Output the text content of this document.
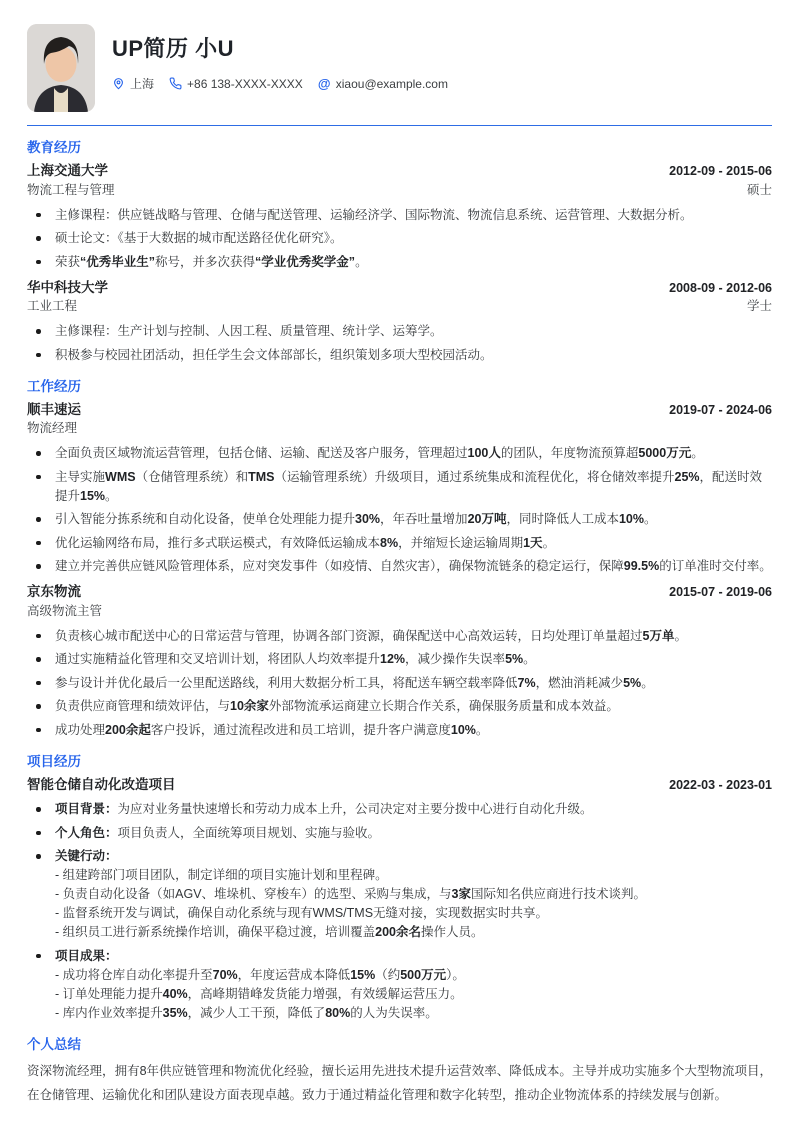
UP简历 小U
上海	+86 138-XXXX-XXXX @ xiaou@example.com
教育经历
上海交通大学	2012-09 - 2015-06
物流工程与管理	硕士
主修课程：供应链战略与管理、仓储与配送管理、运输经济学、国际物流、物流信息系统、运营管理、大数据分析。
硕士论文：《基于大数据的城市配送路径优化研究》。
荣获“优秀毕业生”称号，并多次获得“学业优秀奖学金”。
华中科技大学	2008-09 - 2012-06
工业工程	学士
主修课程：生产计划与控制、人因工程、质量管理、统计学、运筹学。
积极参与校园社团活动，担任学生会文体部部长，组织策划多项大型校园活动。
工作经历
顺丰速运	2019-07 - 2024-06
物流经理
全面负责区域物流运营管理，包括仓储、运输、配送及客户服务，管理超过100人的团队，年度物流预算超5000万元。
主导实施WMS（仓储管理系统）和TMS（运输管理系统）升级项目，通过系统集成和流程优化，将仓储效率提升25%，配送时效提升15%。
引入智能分拣系统和自动化设备，使单仓处理能力提升30%，年吞吐量增加20万吨，同时降低人工成本10%。
优化运输网络布局，推行多式联运模式，有效降低运输成本8%，并缩短长途运输周期1天。
建立并完善供应链风险管理体系，应对突发事件（如疫情、自然灾害），确保物流链条的稳定运行，保障99.5%的订单准时交付率。
京东物流	2015-07 - 2019-06
高级物流主管
负责核心城市配送中心的日常运营与管理，协调各部门资源，确保配送中心高效运转，日均处理订单量超过5万单。
通过实施精益化管理和交叉培训计划，将团队人均效率提升12%，减少操作失误率5%。
参与设计并优化最后一公里配送路线，利用大数据分析工具，将配送车辆空载率降低7%，燃油消耗减少5%。
负责供应商管理和绩效评估，与10余家外部物流承运商建立长期合作关系，确保服务质量和成本效益。
成功处理200余起客户投诉，通过流程改进和员工培训，提升客户满意度10%。
项目经历
智能仓储自动化改造项目	2022-03 - 2023-01
项目背景：为应对业务量快速增长和劳动力成本上升，公司决定对主要分拨中心进行自动化升级。
个人角色：项目负责人，全面统筹项目规划、实施与验收。
关键行动：
- 组建跨部门项目团队，制定详细的项目实施计划和里程碑。
- 负责自动化设备（如AGV、堆垛机、穿梭车）的选型、采购与集成，与3家国际知名供应商进行技术谈判。
- 监督系统开发与调试，确保自动化系统与现有WMS/TMS无缝对接，实现数据实时共享。
- 组织员工进行新系统操作培训，确保平稳过渡，培训覆盖200余名操作人员。
项目成果：
- 成功将仓库自动化率提升至70%，年度运营成本降低15%（约500万元）。
- 订单处理能力提升40%，高峰期错峰发货能力增强，有效缓解运营压力。
- 库内作业效率提升35%，减少人工干预，降低了80%的人为失误率。
个人总结
资深物流经理，拥有8年供应链管理和物流优化经验，擅长运用先进技术提升运营效率、降低成本。主导并成功实施多个大型物流项目，在仓储管理、运输优化和团队建设方面表现卓越。致力于通过精益化管理和数字化转型，推动企业物流体系的持续发展与创新。
